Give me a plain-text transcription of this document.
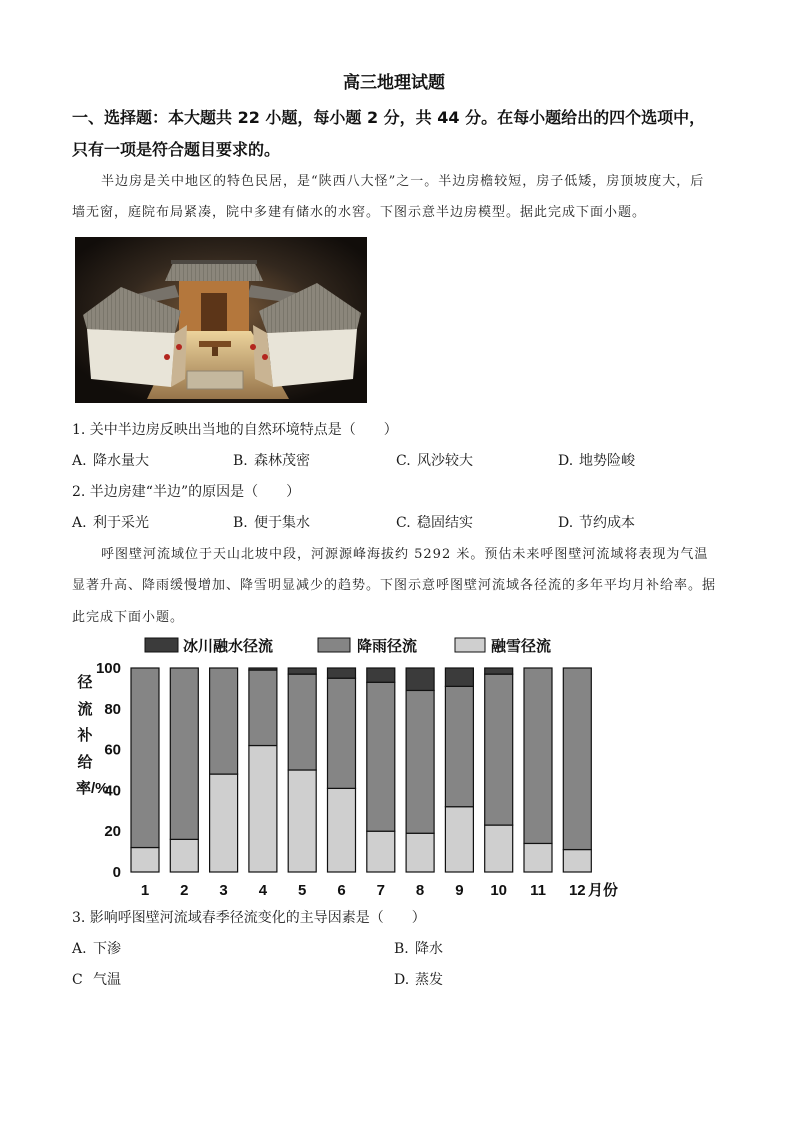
高三地理试题
一、选择题：本大题共 22 小题，每小题 2 分，共 44 分。在每小题给出的四个选项中，只有一项是符合题目要求的。
半边房是关中地区的特色民居，是“陕西八大怪”之一。半边房檐较短，房子低矮，房顶坡度大，后墙无窗，庭院布局紧凑，院中多建有储水的水窖。下图示意半边房模型。据此完成下面小题。
1. 关中半边房反映出当地的自然环境特点是（　　）
A. 降水量大	B. 森林茂密	C. 风沙较大	D. 地势险峻
2. 半边房建“半边”的原因是（　　）
A. 利于采光	B. 便于集水	C. 稳固结实	D. 节约成本
呼图壁河流域位于天山北坡中段，河源源峰海拔约 5292 米。预估未来呼图壁河流域将表现为气温显著升高、降雨缓慢增加、降雪明显减少的趋势。下图示意呼图壁河流域各径流的多年平均月补给率。据此完成下面小题。
径流补给率/%
冰川融水径流	降雨径流	融雪径流
0
20
40
60
80
100
1 2 3 4 5 6 7 8 9 10 11 12 月份
3. 影响呼图壁河流域春季径流变化的主导因素是（　　）
A. 下渗	B. 降水
C 气温	D. 蒸发
